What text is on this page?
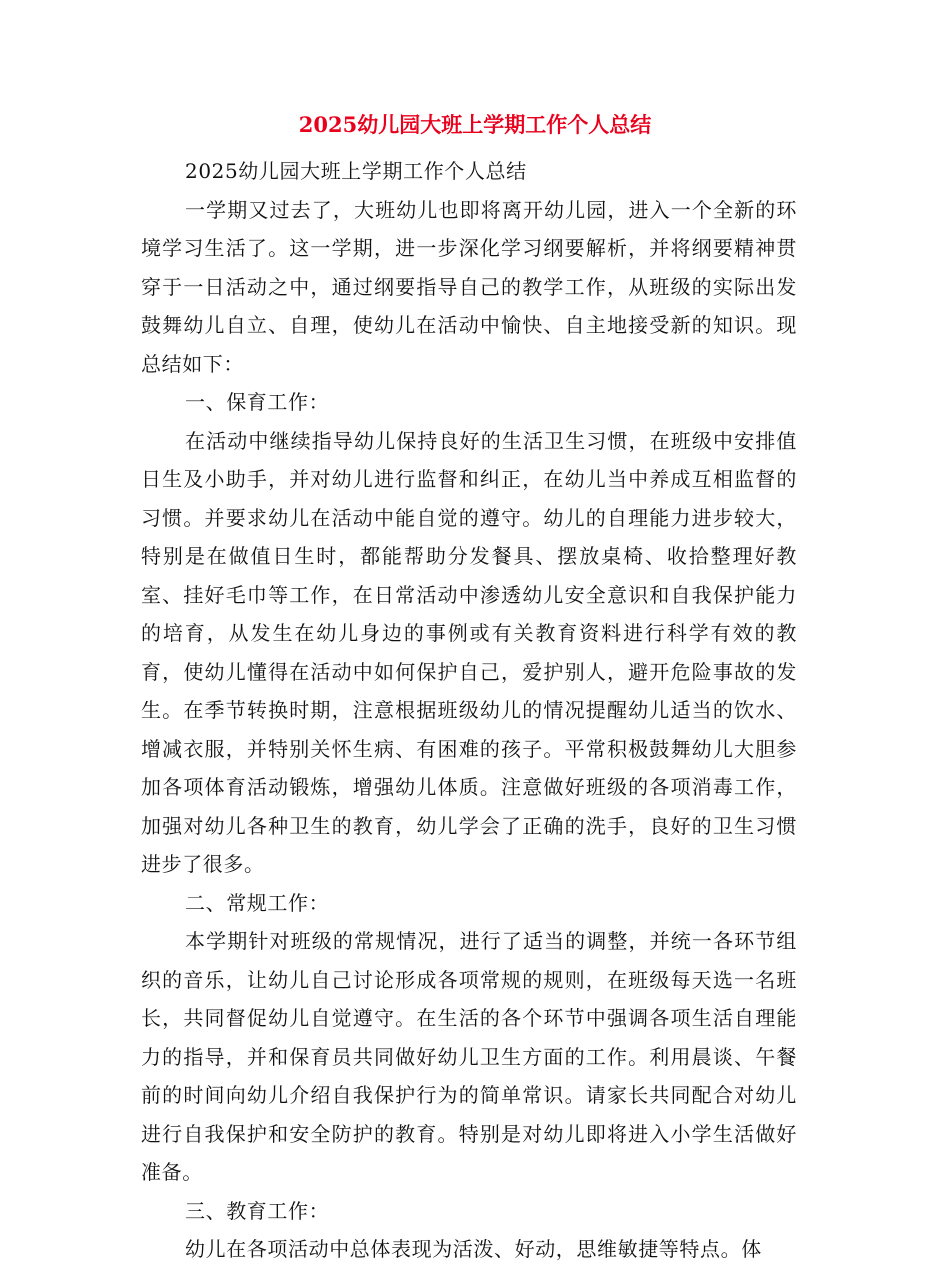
2025幼儿园大班上学期工作个人总结

2025幼儿园大班上学期工作个人总结

一学期又过去了，大班幼儿也即将离开幼儿园，进入一个全新的环境学习生活了。这一学期，进一步深化学习纲要解析，并将纲要精神贯穿于一日活动之中，通过纲要指导自己的教学工作，从班级的实际出发鼓舞幼儿自立、自理，使幼儿在活动中愉快、自主地接受新的知识。现总结如下：

一、保育工作：

在活动中继续指导幼儿保持良好的生活卫生习惯，在班级中安排值日生及小助手，并对幼儿进行监督和纠正，在幼儿当中养成互相监督的习惯。并要求幼儿在活动中能自觉的遵守。幼儿的自理能力进步较大，特别是在做值日生时，都能帮助分发餐具、摆放桌椅、收拾整理好教室、挂好毛巾等工作，在日常活动中渗透幼儿安全意识和自我保护能力的培育，从发生在幼儿身边的事例或有关教育资料进行科学有效的教育，使幼儿懂得在活动中如何保护自己，爱护别人，避开危险事故的发生。在季节转换时期，注意根据班级幼儿的情况提醒幼儿适当的饮水、增减衣服，并特别关怀生病、有困难的孩子。平常积极鼓舞幼儿大胆参加各项体育活动锻炼，增强幼儿体质。注意做好班级的各项消毒工作，加强对幼儿各种卫生的教育，幼儿学会了正确的洗手，良好的卫生习惯进步了很多。

二、常规工作：

本学期针对班级的常规情况，进行了适当的调整，并统一各环节组织的音乐，让幼儿自己讨论形成各项常规的规则，在班级每天选一名班长，共同督促幼儿自觉遵守。在生活的各个环节中强调各项生活自理能力的指导，并和保育员共同做好幼儿卫生方面的工作。利用晨谈、午餐前的时间向幼儿介绍自我保护行为的简单常识。请家长共同配合对幼儿进行自我保护和安全防护的教育。特别是对幼儿即将进入小学生活做好准备。

三、教育工作：

幼儿在各项活动中总体表现为活泼、好动，思维敏捷等特点。体
